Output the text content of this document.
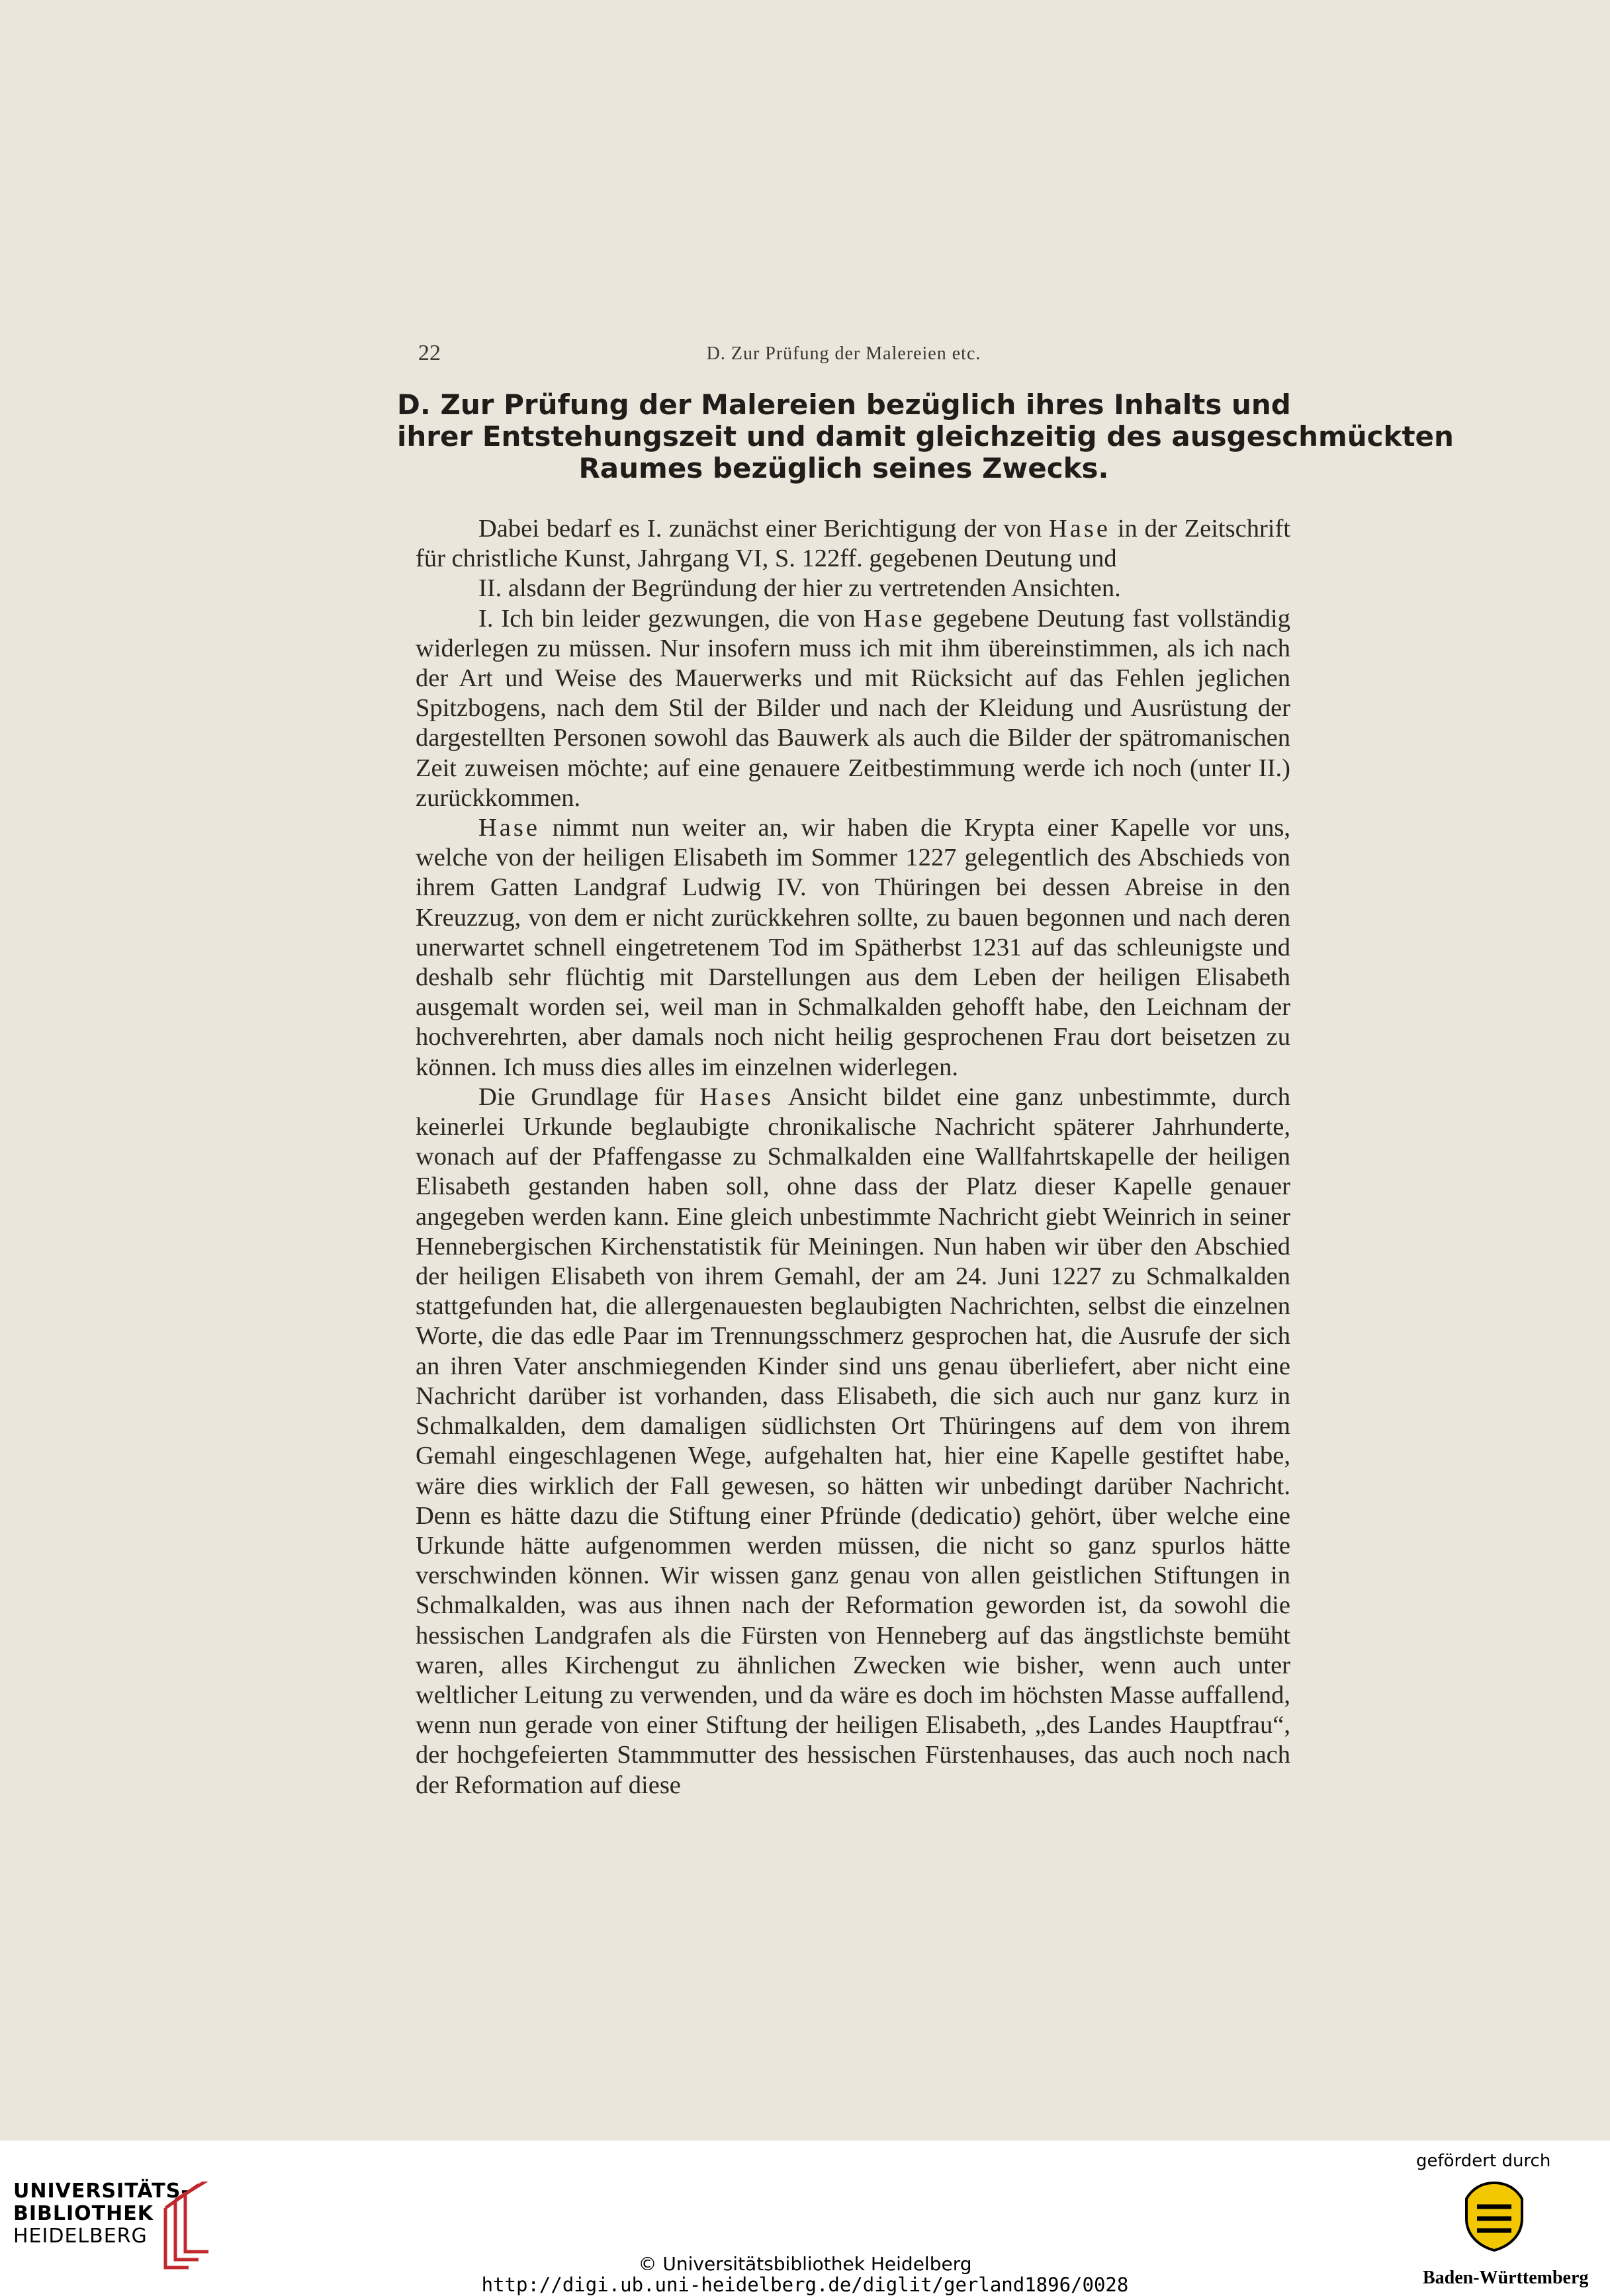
22	D. Zur Prüfung der Malereien etc.
D. Zur Prüfung der Malereien bezüglich ihres Inhalts und
ihrer Entstehungszeit und damit gleichzeitig des ausgeschmückten
Raumes bezüglich seines Zwecks.

Dabei bedarf es I. zunächst einer Berichtigung der von Hase in der Zeitschrift für christliche Kunst, Jahrgang VI, S. 122ff. gegebenen Deutung und

II. alsdann der Begründung der hier zu vertretenden Ansichten.

I. Ich bin leider gezwungen, die von Hase gegebene Deutung fast vollständig widerlegen zu müssen. Nur insofern muss ich mit ihm übereinstimmen, als ich nach der Art und Weise des Mauerwerks und mit Rücksicht auf das Fehlen jeglichen Spitzbogens, nach dem Stil der Bilder und nach der Kleidung und Ausrüstung der dargestellten Personen sowohl das Bauwerk als auch die Bilder der spätromanischen Zeit zuweisen möchte; auf eine genauere Zeitbestimmung werde ich noch (unter II.) zurückkommen.

Hase nimmt nun weiter an, wir haben die Krypta einer Kapelle vor uns, welche von der heiligen Elisabeth im Sommer 1227 gelegentlich des Abschieds von ihrem Gatten Landgraf Ludwig IV. von Thüringen bei dessen Abreise in den Kreuzzug, von dem er nicht zurückkehren sollte, zu bauen begonnen und nach deren unerwartet schnell eingetretenem Tod im Spätherbst 1231 auf das schleunigste und deshalb sehr flüchtig mit Darstellungen aus dem Leben der heiligen Elisabeth ausgemalt worden sei, weil man in Schmalkalden gehofft habe, den Leichnam der hochverehrten, aber damals noch nicht heilig gesprochenen Frau dort beisetzen zu können. Ich muss dies alles im einzelnen widerlegen.

Die Grundlage für Hases Ansicht bildet eine ganz unbestimmte, durch keinerlei Urkunde beglaubigte chronikalische Nachricht späterer Jahrhunderte, wonach auf der Pfaffengasse zu Schmalkalden eine Wallfahrtskapelle der heiligen Elisabeth gestanden haben soll, ohne dass der Platz dieser Kapelle genauer angegeben werden kann. Eine gleich unbestimmte Nachricht giebt Weinrich in seiner Hennebergischen Kirchenstatistik für Meiningen. Nun haben wir über den Abschied der heiligen Elisabeth von ihrem Gemahl, der am 24. Juni 1227 zu Schmalkalden stattgefunden hat, die allergenauesten beglaubigten Nachrichten, selbst die einzelnen Worte, die das edle Paar im Trennungsschmerz gesprochen hat, die Ausrufe der sich an ihren Vater anschmiegenden Kinder sind uns genau überliefert, aber nicht eine Nachricht darüber ist vorhanden, dass Elisabeth, die sich auch nur ganz kurz in Schmalkalden, dem damaligen südlichsten Ort Thüringens auf dem von ihrem Gemahl eingeschlagenen Wege, aufgehalten hat, hier eine Kapelle gestiftet habe, wäre dies wirklich der Fall gewesen, so hätten wir unbedingt darüber Nachricht. Denn es hätte dazu die Stiftung einer Pfründe (dedicatio) gehört, über welche eine Urkunde hätte aufgenommen werden müssen, die nicht so ganz spurlos hätte verschwinden können. Wir wissen ganz genau von allen geistlichen Stiftungen in Schmalkalden, was aus ihnen nach der Reformation geworden ist, da sowohl die hessischen Landgrafen als die Fürsten von Henneberg auf das ängstlichste bemüht waren, alles Kirchengut zu ähnlichen Zwecken wie bisher, wenn auch unter weltlicher Leitung zu verwenden, und da wäre es doch im höchsten Masse auffallend, wenn nun gerade von einer Stiftung der heiligen Elisabeth, „des Landes Hauptfrau“, der hochgefeierten Stammmutter des hessischen Fürstenhauses, das auch noch nach der Reformation auf diese

UNIVERSITÄTS-
BIBLIOTHEK
HEIDELBERG
© Universitätsbibliothek Heidelberg
http://digi.ub.uni-heidelberg.de/diglit/gerland1896/0028
gefördert durch
Baden-Württemberg
